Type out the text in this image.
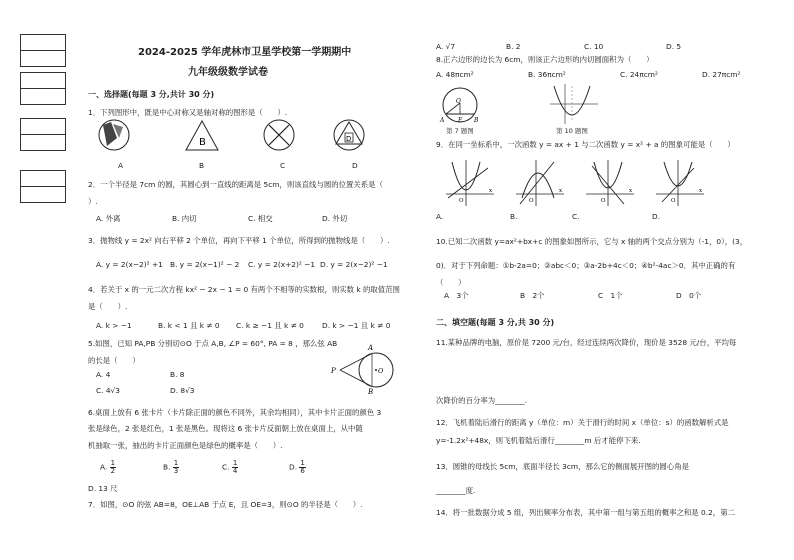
2024-2025 学年虎林市卫星学校第一学期期中
九年级级数学试卷
一、选择题(每题 3 分,共计 30 分)
1．下列图形中，既是中心对称又是轴对称的图形是（　　）.
B	D
A	B	C	D
2．一个半径是 7cm 的圆，其圆心到一直线的距离是 5cm，则该直线与圆的位置关系是（
）.
A. 外离	B. 内切	C. 相交	D. 外切
3．抛物线 y = 2x² 向右平移 2 个单位，再向下平移 1 个单位，所得到的抛物线是（　　）.
A. y = 2(x−2)² +1 B. y = 2(x−1)² − 2 C. y = 2(x+2)² −1 D. y = 2(x−2)² −1
4．若关于 x 的一元二次方程 kx² − 2x − 1 = 0 有两个不相等的实数根，则实数 k 的取值范围
是（　　）.
A. k > −1	B. k < 1 且 k ≠ 0 C. k ≥ −1 且 k ≠ 0 D. k > −1 且 k ≠ 0
5.如图，已知 PA,PB 分别切⊙O 于点 A,B, ∠P = 60°, PA = 8 ，那么弦 AB
的长是（　　）
A. 4	B. 8
C. 4√3	D. 8√3
P
A
B
O
6.桌面上放有 6 张卡片（卡片除正面的颜色不同外，其余均相同），其中卡片正面的颜色 3
张是绿色，2 张是红色，1 张是黑色。现将这 6 张卡片反面朝上放在桌面上，从中随
机抽取一张，抽出的卡片正面颜色是绿色的概率是（　　）.
A. $\frac{1}{2}$	B. $\frac{1}{3}$	C. $\frac{1}{4}$	D. $\frac{1}{6}$
D. 13 尺
7．如图，⊙O 的弦 AB=8，OE⊥AB 于点 E，且 OE=3，则⊙O 的半径是（　　）.
A. √7	B. 2	C. 10	D. 5
8.正六边形的边长为 6cm，则该正六边形的内切圆面积为（　　）
A. 48πcm²	B. 36πcm²	C. 24πcm²	D. 27πcm²
O
A E B
第 7 题图	第 10 题图
9．在同一坐标系中，一次函数 y = ax + 1 与二次函数 y = x² + a 的图象可能是（　　）
x
O
x
O
x
O
x
O
A.	B.	C.	D.
10.已知二次函数 y=ax²+bx+c 的图象如图所示，它与 x 轴的两个交点分别为（-1，0），(3，
0)．对于下列命题：①b-2a=0；②abc＜0；③a-2b+4c＜0；④b²-4ac＞0．其中正确的有
（　　）
A　3个	B　2个	C　1个	D　0个
二、填空题(每题 3 分,共 30 分)
11.某种品牌的电脑，原价是 7200 元/台，经过连续两次降价，现价是 3528 元/台，平均每
次降价的百分率为________.
12．飞机着陆后滑行的距离 y（单位：m）关于滑行的时间 x（单位：s）的函数解析式是
y=-1.2x²+48x，则飞机着陆后滑行________m 后才能停下来.
13．圆锥的母线长 5cm，底面半径长 3cm，那么它的侧面展开图的圆心角是
________度.
14．将一批数据分成 5 组，列出频率分布表，其中第一组与第五组的概率之和是 0.2，第二
